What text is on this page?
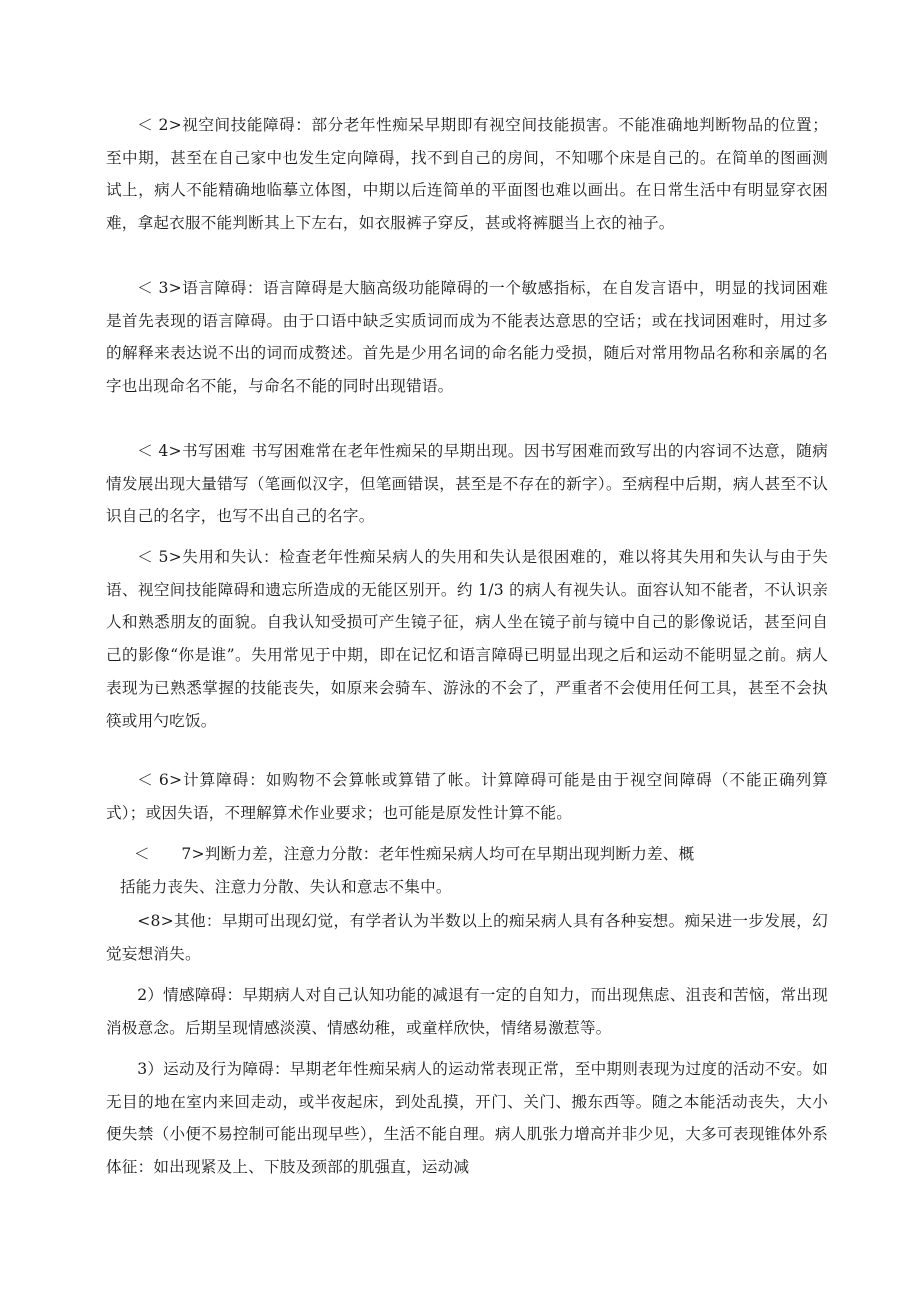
＜ 2>视空间技能障碍：部分老年性痴呆早期即有视空间技能损害。不能准确地判断物品的位置；至中期，甚至在自己家中也发生定向障碍，找不到自己的房间，不知哪个床是自己的。在简单的图画测试上，病人不能精确地临摹立体图，中期以后连简单的平面图也难以画出。在日常生活中有明显穿衣困难，拿起衣服不能判断其上下左右，如衣服裤子穿反，甚或将裤腿当上衣的袖子。

＜ 3>语言障碍：语言障碍是大脑高级功能障碍的一个敏感指标，在自发言语中，明显的找词困难是首先表现的语言障碍。由于口语中缺乏实质词而成为不能表达意思的空话；或在找词困难时，用过多的解释来表达说不出的词而成赘述。首先是少用名词的命名能力受损，随后对常用物品名称和亲属的名字也出现命名不能，与命名不能的同时出现错语。

＜ 4>书写困难 书写困难常在老年性痴呆的早期出现。因书写困难而致写出的内容词不达意，随病情发展出现大量错写（笔画似汉字，但笔画错误，甚至是不存在的新字）。至病程中后期，病人甚至不认识自己的名字，也写不出自己的名字。

＜ 5>失用和失认：检查老年性痴呆病人的失用和失认是很困难的，难以将其失用和失认与由于失语、视空间技能障碍和遗忘所造成的无能区别开。约 1/3 的病人有视失认。面容认知不能者，不认识亲人和熟悉朋友的面貌。自我认知受损可产生镜子征，病人坐在镜子前与镜中自己的影像说话，甚至问自己的影像“你是谁”。失用常见于中期，即在记忆和语言障碍已明显出现之后和运动不能明显之前。病人表现为已熟悉掌握的技能丧失，如原来会骑车、游泳的不会了，严重者不会使用任何工具，甚至不会执筷或用勺吃饭。

＜ 6>计算障碍：如购物不会算帐或算错了帐。计算障碍可能是由于视空间障碍（不能正确列算式）；或因失语，不理解算术作业要求；也可能是原发性计算不能。

＜　　7>判断力差，注意力分散：老年性痴呆病人均可在早期出现判断力差、概

括能力丧失、注意力分散、失认和意志不集中。

<8>其他：早期可出现幻觉，有学者认为半数以上的痴呆病人具有各种妄想。痴呆进一步发展，幻觉妄想消失。

2）情感障碍：早期病人对自己认知功能的减退有一定的自知力，而出现焦虑、沮丧和苦恼，常出现消极意念。后期呈现情感淡漠、情感幼稚，或童样欣快，情绪易激惹等。

3）运动及行为障碍：早期老年性痴呆病人的运动常表现正常，至中期则表现为过度的活动不安。如无目的地在室内来回走动，或半夜起床，到处乱摸，开门、关门、搬东西等。随之本能活动丧失，大小便失禁（小便不易控制可能出现早些），生活不能自理。病人肌张力增高并非少见，大多可表现锥体外系体征：如出现紧及上、下肢及颈部的肌强直，运动减
